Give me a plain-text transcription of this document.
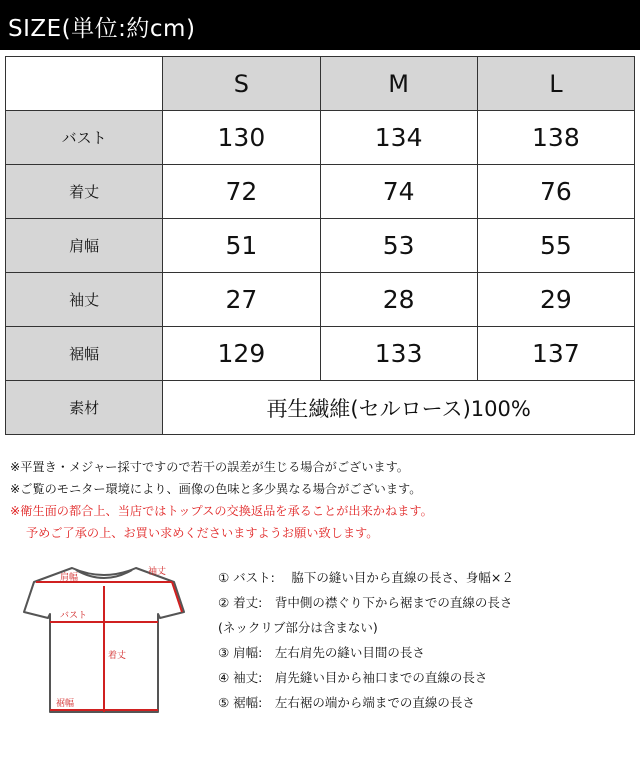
SIZE(単位:約cm)
	S	M	L
バスト	130	134	138
着丈	72	74	76
肩幅	51	53	55
袖丈	27	28	29
裾幅	129	133	137
素材	再生繊維(セルロース)100%		
※平置き・メジャー採寸ですので若干の誤差が生じる場合がございます。
※ご覧のモニター環境により、画像の色味と多少異なる場合がございます。
※衛生面の都合上、当店ではトップスの交換返品を承ることが出来かねます。
予めご了承の上、お買い求めくださいますようお願い致します。
肩幅
袖丈
バスト
着丈
裾幅
① バスト:　 脇下の縫い目から直線の長さ、身幅×２
② 着丈:　背中側の襟ぐり下から裾までの直線の長さ
(ネックリブ部分は含まない)
③ 肩幅:　左右肩先の縫い目間の長さ
④ 袖丈:　肩先縫い目から袖口までの直線の長さ
⑤ 裾幅:　左右裾の端から端までの直線の長さ
